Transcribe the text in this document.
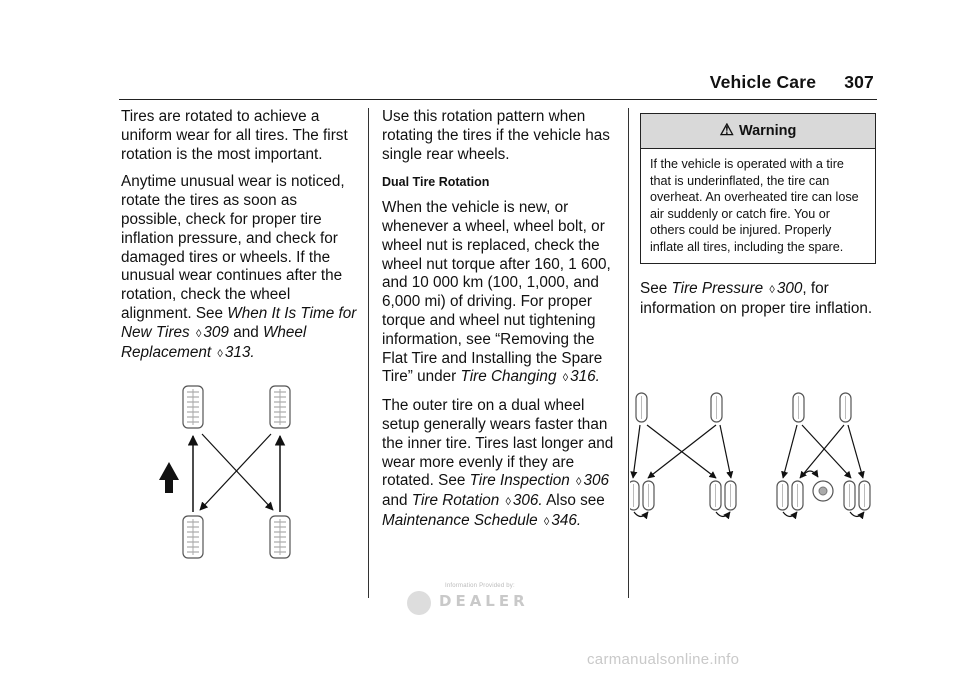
Vehicle Care 307

Tires are rotated to achieve a uniform wear for all tires. The first rotation is the most important.

Anytime unusual wear is noticed, rotate the tires as soon as possible, check for proper tire inflation pressure, and check for damaged tires or wheels. If the unusual wear continues after the rotation, check the wheel alignment. See When It Is Time for New Tires ◊ 309 and Wheel Replacement ◊ 313.

Use this rotation pattern when rotating the tires if the vehicle has single rear wheels.

Dual Tire Rotation

When the vehicle is new, or whenever a wheel, wheel bolt, or wheel nut is replaced, check the wheel nut torque after 160, 1 600, and 10 000 km (100, 1,000, and 6,000 mi) of driving. For proper torque and wheel nut tightening information, see “Removing the Flat Tire and Installing the Spare Tire” under Tire Changing ◊ 316.

The outer tire on a dual wheel setup generally wears faster than the inner tire. Tires last longer and wear more evenly if they are rotated. See Tire Inspection ◊ 306 and Tire Rotation ◊ 306. Also see Maintenance Schedule ◊ 346.

⚠ Warning
If the vehicle is operated with a tire that is underinflated, the tire can overheat. An overheated tire can lose air suddenly or catch fire. You or others could be injured. Properly inflate all tires, including the spare.

See Tire Pressure ◊ 300, for information on proper tire inflation.

Information Provided by:
DEALER
carmanualsonline.info
